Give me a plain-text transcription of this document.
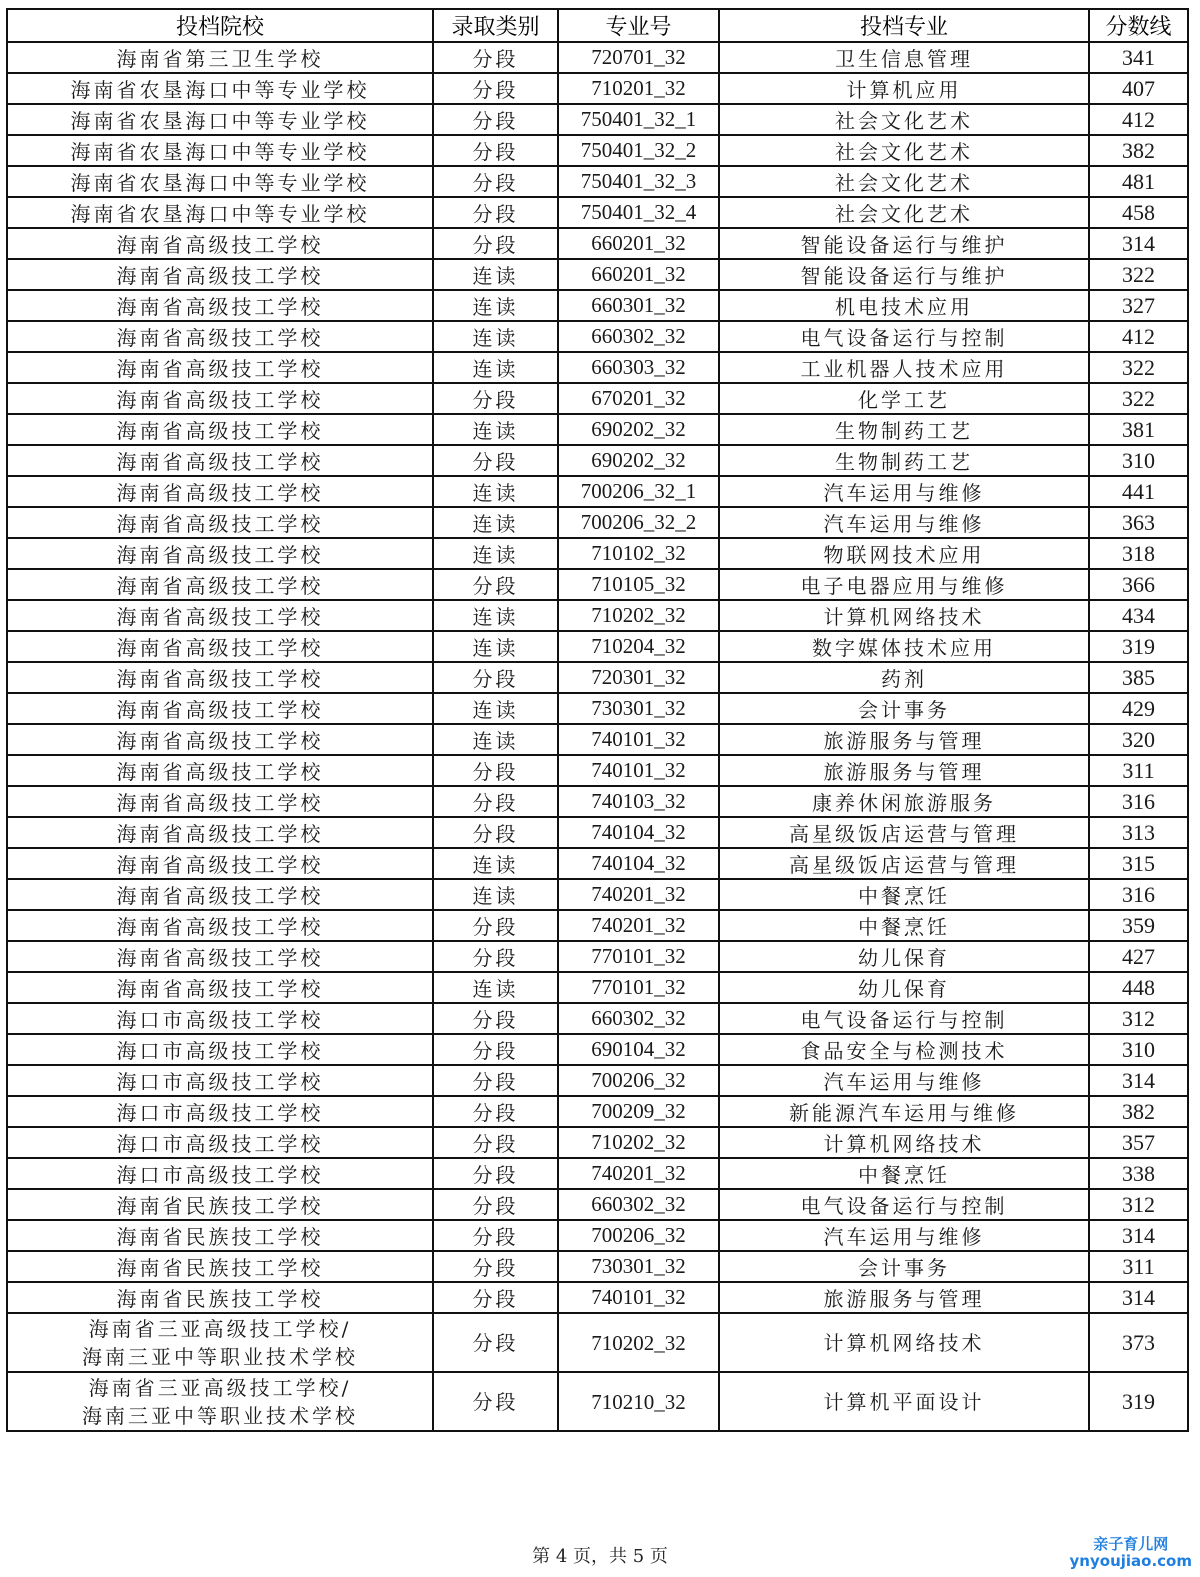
投档院校	录取类别	专业号	投档专业	分数线
海南省第三卫生学校	分段	720701_32	卫生信息管理	341
海南省农垦海口中等专业学校	分段	710201_32	计算机应用	407
海南省农垦海口中等专业学校	分段	750401_32_1	社会文化艺术	412
海南省农垦海口中等专业学校	分段	750401_32_2	社会文化艺术	382
海南省农垦海口中等专业学校	分段	750401_32_3	社会文化艺术	481
海南省农垦海口中等专业学校	分段	750401_32_4	社会文化艺术	458
海南省高级技工学校	分段	660201_32	智能设备运行与维护	314
海南省高级技工学校	连读	660201_32	智能设备运行与维护	322
海南省高级技工学校	连读	660301_32	机电技术应用	327
海南省高级技工学校	连读	660302_32	电气设备运行与控制	412
海南省高级技工学校	连读	660303_32	工业机器人技术应用	322
海南省高级技工学校	分段	670201_32	化学工艺	322
海南省高级技工学校	连读	690202_32	生物制药工艺	381
海南省高级技工学校	分段	690202_32	生物制药工艺	310
海南省高级技工学校	连读	700206_32_1	汽车运用与维修	441
海南省高级技工学校	连读	700206_32_2	汽车运用与维修	363
海南省高级技工学校	连读	710102_32	物联网技术应用	318
海南省高级技工学校	分段	710105_32	电子电器应用与维修	366
海南省高级技工学校	连读	710202_32	计算机网络技术	434
海南省高级技工学校	连读	710204_32	数字媒体技术应用	319
海南省高级技工学校	分段	720301_32	药剂	385
海南省高级技工学校	连读	730301_32	会计事务	429
海南省高级技工学校	连读	740101_32	旅游服务与管理	320
海南省高级技工学校	分段	740101_32	旅游服务与管理	311
海南省高级技工学校	分段	740103_32	康养休闲旅游服务	316
海南省高级技工学校	分段	740104_32	高星级饭店运营与管理	313
海南省高级技工学校	连读	740104_32	高星级饭店运营与管理	315
海南省高级技工学校	连读	740201_32	中餐烹饪	316
海南省高级技工学校	分段	740201_32	中餐烹饪	359
海南省高级技工学校	分段	770101_32	幼儿保育	427
海南省高级技工学校	连读	770101_32	幼儿保育	448
海口市高级技工学校	分段	660302_32	电气设备运行与控制	312
海口市高级技工学校	分段	690104_32	食品安全与检测技术	310
海口市高级技工学校	分段	700206_32	汽车运用与维修	314
海口市高级技工学校	分段	700209_32	新能源汽车运用与维修	382
海口市高级技工学校	分段	710202_32	计算机网络技术	357
海口市高级技工学校	分段	740201_32	中餐烹饪	338
海南省民族技工学校	分段	660302_32	电气设备运行与控制	312
海南省民族技工学校	分段	700206_32	汽车运用与维修	314
海南省民族技工学校	分段	730301_32	会计事务	311
海南省民族技工学校	分段	740101_32	旅游服务与管理	314
海南省三亚高级技工学校/
海南三亚中等职业技术学校	分段	710202_32	计算机网络技术	373
海南省三亚高级技工学校/
海南三亚中等职业技术学校	分段	710210_32	计算机平面设计	319
第 4 页，共 5 页
亲子育儿网
ynyoujiao.com
